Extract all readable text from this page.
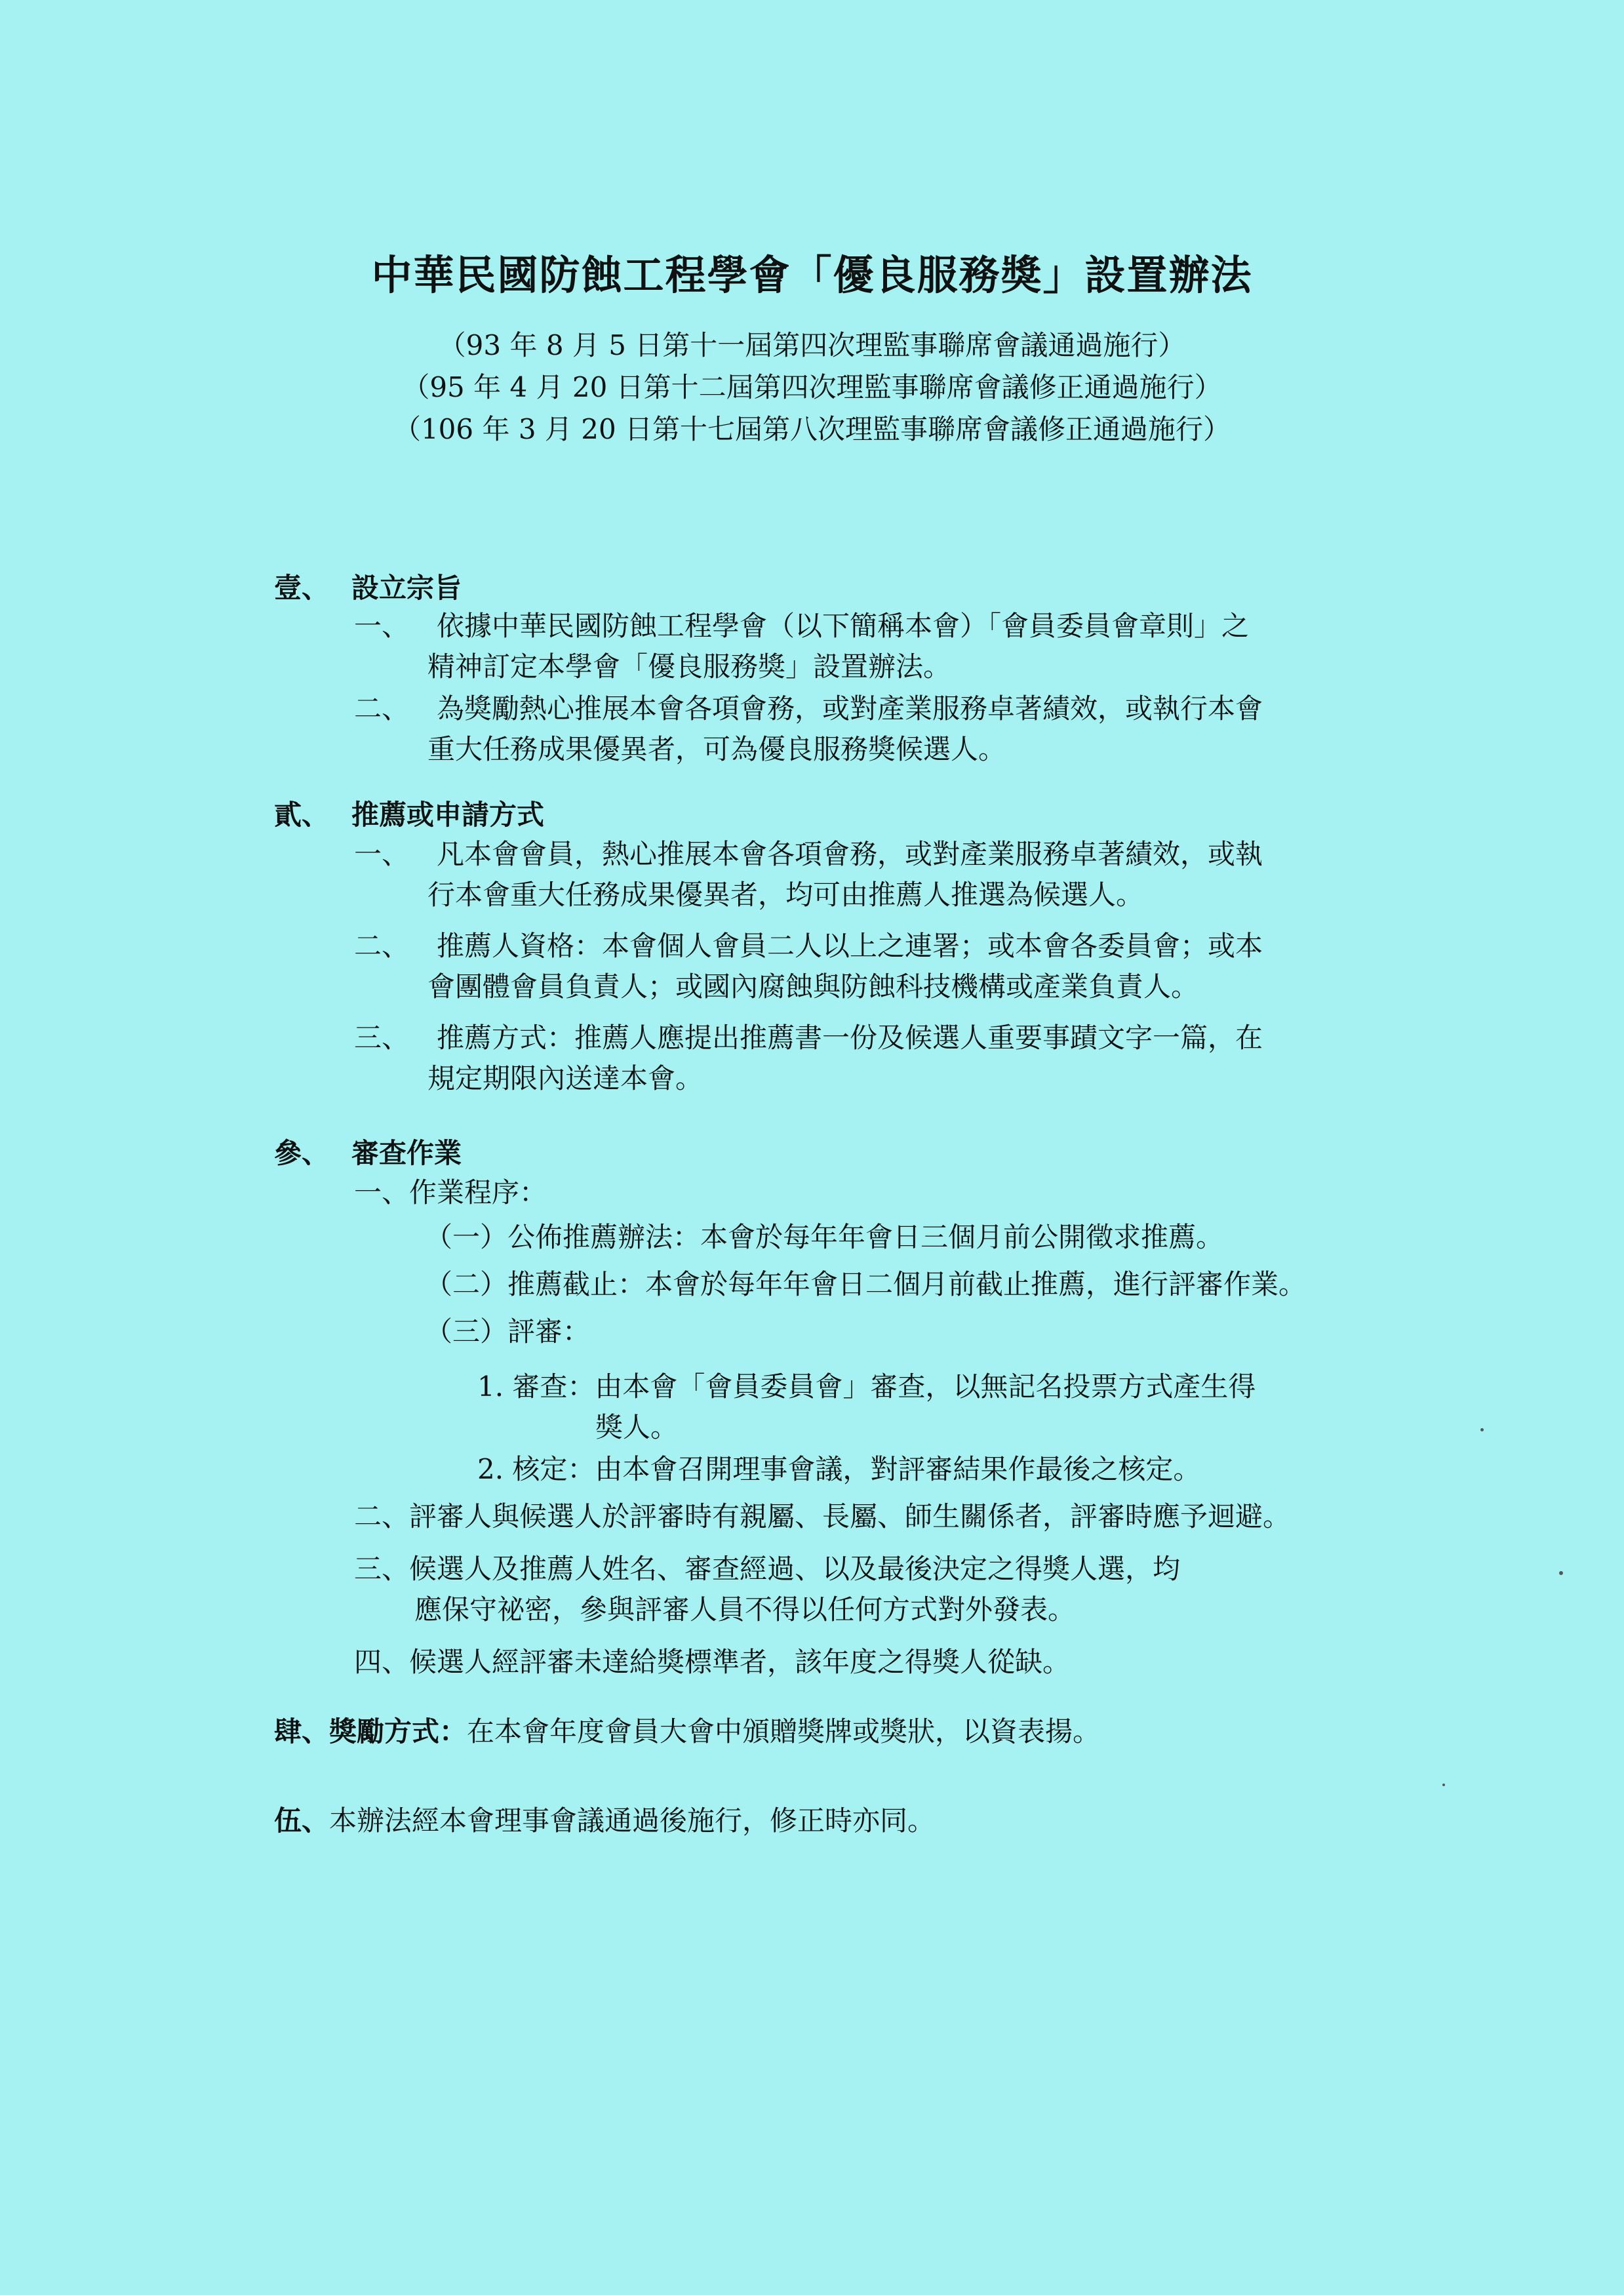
中華民國防蝕工程學會「優良服務獎」設置辦法
（93 年 8 月 5 日第十一屆第四次理監事聯席會議通過施行）
（95 年 4 月 20 日第十二屆第四次理監事聯席會議修正通過施行）
（106 年 3 月 20 日第十七屆第八次理監事聯席會議修正通過施行）
壹、 設立宗旨
一、 依據中華民國防蝕工程學會（以下簡稱本會）「會員委員會章則」之
精神訂定本學會「優良服務獎」設置辦法。
二、 為獎勵熱心推展本會各項會務，或對產業服務卓著績效，或執行本會
重大任務成果優異者，可為優良服務獎候選人。
貳、 推薦或申請方式
一、 凡本會會員，熱心推展本會各項會務，或對產業服務卓著績效，或執
行本會重大任務成果優異者，均可由推薦人推選為候選人。
二、 推薦人資格：本會個人會員二人以上之連署；或本會各委員會；或本
會團體會員負責人；或國內腐蝕與防蝕科技機構或產業負責人。
三、 推薦方式：推薦人應提出推薦書一份及候選人重要事蹟文字一篇，在
規定期限內送達本會。
參、 審查作業
一、作業程序：
（一）公佈推薦辦法：本會於每年年會日三個月前公開徵求推薦。
（二）推薦截止：本會於每年年會日二個月前截止推薦，進行評審作業。
（三）評審：
1. 審查：由本會「會員委員會」審查，以無記名投票方式產生得
獎人。
2. 核定：由本會召開理事會議，對評審結果作最後之核定。
二、評審人與候選人於評審時有親屬、長屬、師生關係者，評審時應予迴避。
三、候選人及推薦人姓名、審查經過、以及最後決定之得獎人選，均
應保守祕密，參與評審人員不得以任何方式對外發表。
四、候選人經評審未達給獎標準者，該年度之得獎人從缺。
肆、獎勵方式：在本會年度會員大會中頒贈獎牌或獎狀，以資表揚。
伍、本辦法經本會理事會議通過後施行，修正時亦同。
